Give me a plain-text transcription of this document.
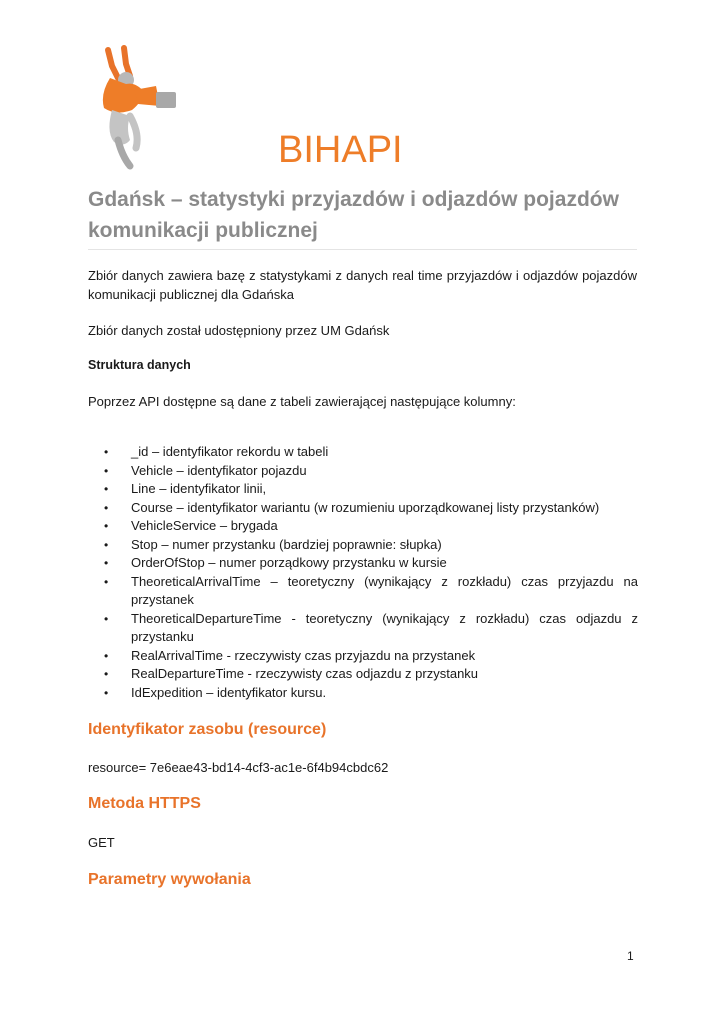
BIHAPI
Gdańsk – statystyki przyjazdów i odjazdów pojazdów komunikacji publicznej

Zbiór danych zawiera bazę z statystykami z danych real time przyjazdów i odjazdów pojazdów komunikacji publicznej dla Gdańska

Zbiór danych został udostępniony przez UM Gdańsk

Struktura danych

Poprzez API dostępne są dane z tabeli zawierającej następujące kolumny:

• _id – identyfikator rekordu w tabeli
• Vehicle – identyfikator pojazdu
• Line – identyfikator linii,
• Course – identyfikator wariantu (w rozumieniu uporządkowanej listy przystanków)
• VehicleService – brygada
• Stop – numer przystanku (bardziej poprawnie: słupka)
• OrderOfStop – numer porządkowy przystanku w kursie
• TheoreticalArrivalTime – teoretyczny (wynikający z rozkładu) czas przyjazdu na przystanek
• TheoreticalDepartureTime - teoretyczny (wynikający z rozkładu) czas odjazdu z przystanku
• RealArrivalTime - rzeczywisty czas przyjazdu na przystanek
• RealDepartureTime - rzeczywisty czas odjazdu z przystanku
• IdExpedition – identyfikator kursu.
Identyfikator zasobu (resource)

resource= 7e6eae43-bd14-4cf3-ac1e-6f4b94cbdc62

Metoda HTTPS

GET

Parametry wywołania
1
